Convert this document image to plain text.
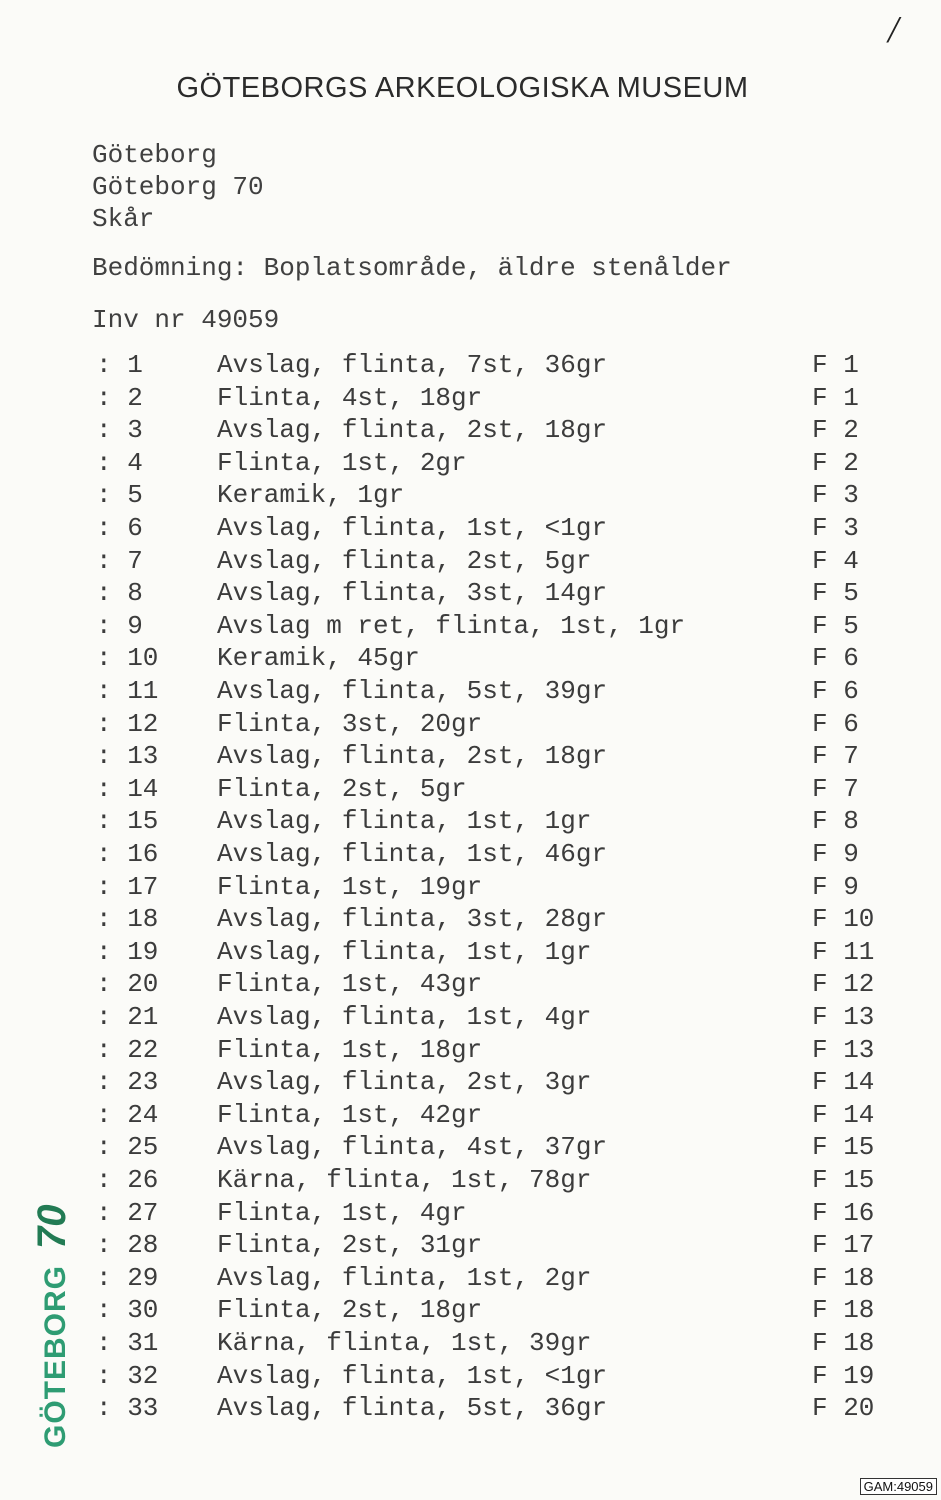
/
GÖTEBORGS ARKEOLOGISKA MUSEUM
Göteborg
Göteborg 70
Skår
Bedömning: Boplatsområde, äldre stenålder
Inv nr 49059
: 1	Avslag, flinta, 7st, 36gr	F 1
: 2	Flinta, 4st, 18gr	F 1
: 3	Avslag, flinta, 2st, 18gr	F 2
: 4	Flinta, 1st, 2gr	F 2
: 5	Keramik, 1gr	F 3
: 6	Avslag, flinta, 1st, <1gr	F 3
: 7	Avslag, flinta, 2st, 5gr	F 4
: 8	Avslag, flinta, 3st, 14gr	F 5
: 9	Avslag m ret, flinta, 1st, 1gr	F 5
: 10 Keramik, 45gr	F 6
: 11 Avslag, flinta, 5st, 39gr	F 6
: 12 Flinta, 3st, 20gr	F 6
: 13 Avslag, flinta, 2st, 18gr	F 7
: 14 Flinta, 2st, 5gr	F 7
: 15 Avslag, flinta, 1st, 1gr	F 8
: 16 Avslag, flinta, 1st, 46gr	F 9
: 17 Flinta, 1st, 19gr	F 9
: 18 Avslag, flinta, 3st, 28gr	F 10
: 19 Avslag, flinta, 1st, 1gr	F 11
: 20 Flinta, 1st, 43gr	F 12
: 21 Avslag, flinta, 1st, 4gr	F 13
: 22 Flinta, 1st, 18gr	F 13
: 23 Avslag, flinta, 2st, 3gr	F 14
: 24 Flinta, 1st, 42gr	F 14
: 25 Avslag, flinta, 4st, 37gr	F 15
: 26 Kärna, flinta, 1st, 78gr	F 15
: 27 Flinta, 1st, 4gr	F 16
: 28 Flinta, 2st, 31gr	F 17
: 29 Avslag, flinta, 1st, 2gr	F 18
: 30 Flinta, 2st, 18gr	F 18
: 31 Kärna, flinta, 1st, 39gr	F 18
: 32 Avslag, flinta, 1st, <1gr	F 19
: 33 Avslag, flinta, 5st, 36gr	F 20
GÖTEBORG70
GAM:49059
